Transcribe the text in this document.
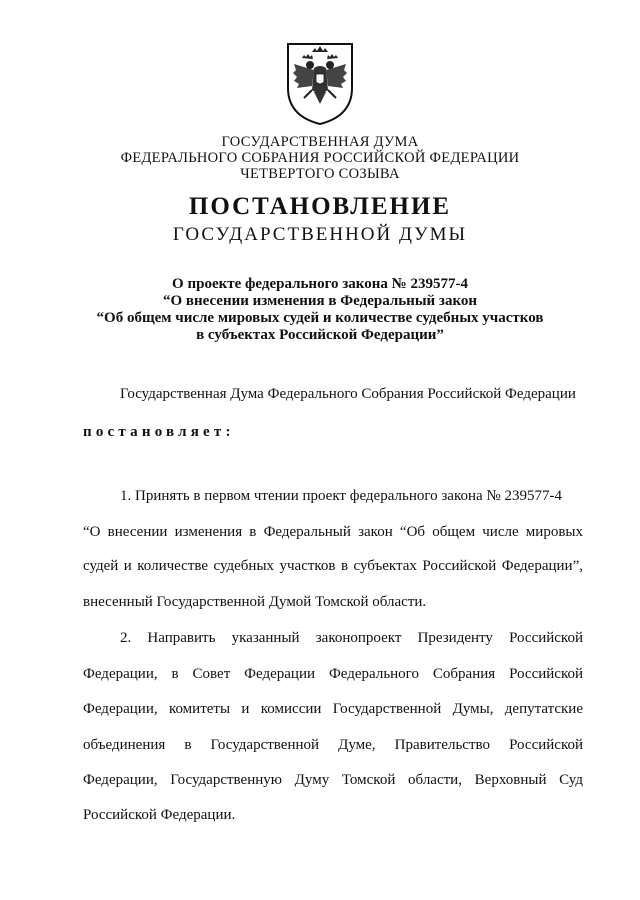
ГОСУДАРСТВЕННАЯ ДУМА
ФЕДЕРАЛЬНОГО СОБРАНИЯ РОССИЙСКОЙ ФЕДЕРАЦИИ
ЧЕТВЕРТОГО СОЗЫВА
ПОСТАНОВЛЕНИЕ
ГОСУДАРСТВЕННОЙ ДУМЫ
О проекте федерального закона № 239577-4
“О внесении изменения в Федеральный закон
“Об общем числе мировых судей и количестве судебных участков
в субъектах Российской Федерации”
Государственная Дума Федерального Собрания Российской Федерации
постановляет:
1. Принять в первом чтении проект федерального закона № 239577-4
“О внесении изменения в Федеральный закон “Об общем числе мировых
судей и количестве судебных участков в субъектах Российской Федерации”,
внесенный Государственной Думой Томской области.
2. Направить указанный законопроект Президенту Российской
Федерации, в Совет Федерации Федерального Собрания Российской
Федерации, комитеты и комиссии Государственной Думы, депутатские
объединения в Государственной Думе, Правительство Российской
Федерации, Государственную Думу Томской области, Верховный Суд
Российской Федерации.
